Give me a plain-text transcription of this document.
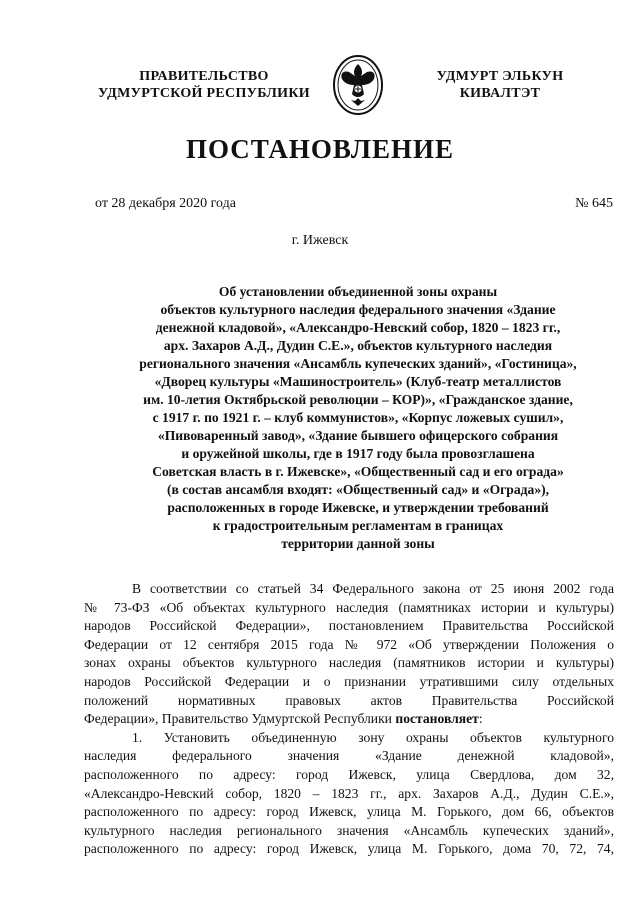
ПРАВИТЕЛЬСТВО
УДМУРТСКОЙ РЕСПУБЛИКИ
УДМУРТ ЭЛЬКУН
КИВАЛТЭТ
ПОСТАНОВЛЕНИЕ
от 28 декабря 2020 года	№ 645
г. Ижевск
Об установлении объединенной зоны охраны
объектов культурного наследия федерального значения «Здание
денежной кладовой», «Александро-Невский собор, 1820 – 1823 гг.,
арх. Захаров А.Д., Дудин С.Е.», объектов культурного наследия
регионального значения «Ансамбль купеческих зданий», «Гостиница»,
«Дворец культуры «Машиностроитель» (Клуб-театр металлистов
им. 10-летия Октябрьской революции – КОР)», «Гражданское здание,
с 1917 г. по 1921 г. – клуб коммунистов», «Корпус ложевых сушил»,
«Пивоваренный завод», «Здание бывшего офицерского собрания
и оружейной школы, где в 1917 году была провозглашена
Советская власть в г. Ижевске», «Общественный сад и его ограда»
(в состав ансамбля входят: «Общественный сад» и «Ограда»),
расположенных в городе Ижевске, и утверждении требований
к градостроительным регламентам в границах
территории данной зоны
В соответствии со статьей 34 Федерального закона от 25 июня 2002 года
№ 73-ФЗ «Об объектах культурного наследия (памятниках истории и культуры)
народов Российской Федерации», постановлением Правительства Российской
Федерации от 12 сентября 2015 года № 972 «Об утверждении Положения о
зонах охраны объектов культурного наследия (памятников истории и культуры)
народов Российской Федерации и о признании утратившими силу отдельных
положений нормативных правовых актов Правительства Российской
Федерации», Правительство Удмуртской Республики постановляет:
1. Установить объединенную зону охраны объектов культурного
наследия федерального значения «Здание денежной кладовой»,
расположенного по адресу: город Ижевск, улица Свердлова, дом 32,
«Александро-Невский собор, 1820 – 1823 гг., арх. Захаров А.Д., Дудин С.Е.»,
расположенного по адресу: город Ижевск, улица М. Горького, дом 66, объектов
культурного наследия регионального значения «Ансамбль купеческих зданий»,
расположенного по адресу: город Ижевск, улица М. Горького, дома 70, 72, 74,
